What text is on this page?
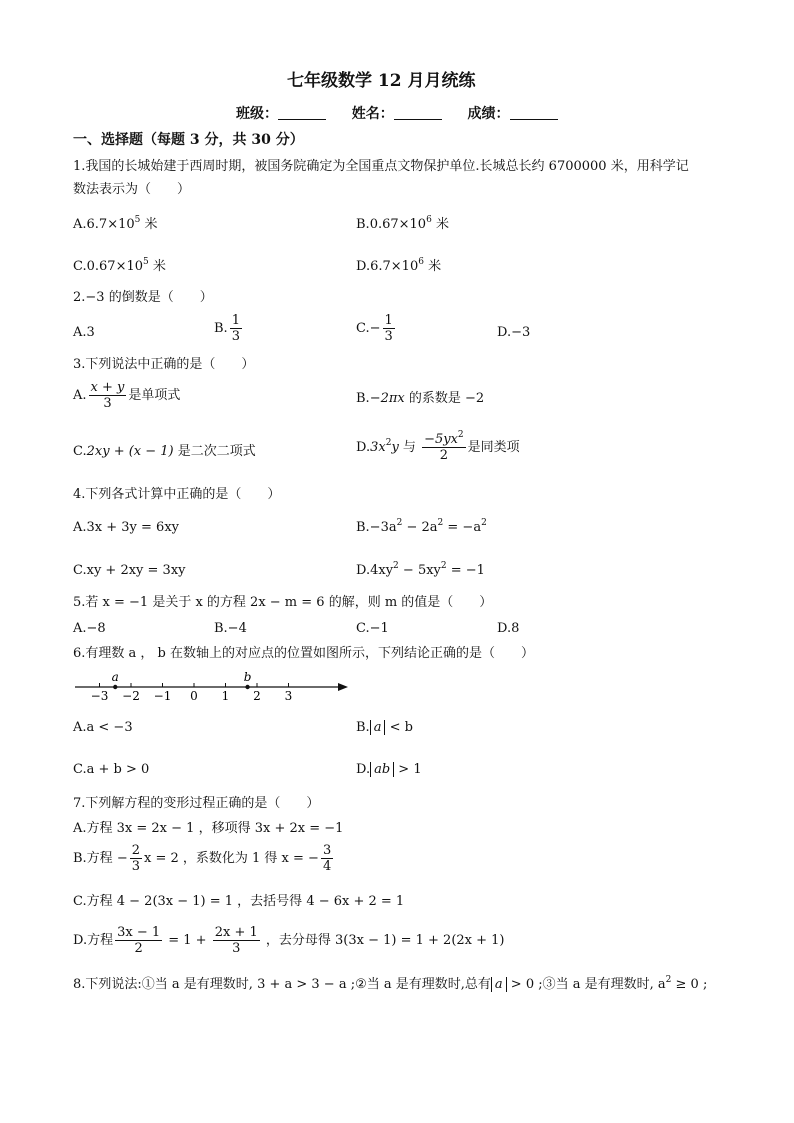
七年级数学 12 月月统练
班级：	姓名：	成绩：
一、选择题（每题 3 分，共 30 分）
1.我国的长城始建于西周时期，被国务院确定为全国重点文物保护单位.长城总长约 6700000 米，用科学记
数法表示为（　　）
$A.6.7\times 10^5$ 米	$B.0.67\times 10^6$ 米
$C.0.67\times 10^5$ 米	$D.6.7\times 10^6$ 米
2.−3 的倒数是（　　）
A.3	B. $\frac{1}{3}$	$C.- \frac{1}{3}$	D.−3
3.下列说法中正确的是（　　）
A. $\frac{x + y}{3}$ 是单项式	B.−2πx 的系数是 −2
C.2xy + (x − 1) 是二次二项式	$D.3x^2y$ 与 $\frac{-5yx^2}{2}$ 是同类项
4.下列各式计算中正确的是（　　）
A.3x + 3y = 6xy	$B.-3a^2 - 2a^2 = -a^2$
C.xy + 2xy = 3xy	$D.4xy^2 - 5xy^2 = -1$
5.若 x = −1 是关于 x 的方程 2x − m = 6 的解，则 m 的值是（　　）
A.−8	B.−4	C.−1	D.8
6.有理数 a ， b 在数轴上的对应点的位置如图所示，下列结论正确的是（　　）
−3 −2 −1 0 1 2 3
a	b
A.a < −3	B. a < b
C.a + b > 0	D. ab > 1
7.下列解方程的变形过程正确的是（　　）
A.方程 3x = 2x − 1 ，移项得 3x + 2x = −1
B.方程 − $\frac{2}{3}$ x = 2 ，系数化为 1 得 x = − $\frac{3}{4}$
C.方程 4 − 2(3x − 1) = 1 ，去括号得 4 − 6x + 2 = 1
D.方程 $\frac{3x - 1}{2} = 1 + \frac{2x + 1}{3}$ ，去分母得 3(3x − 1) = 1 + 2(2x + 1)
8.下列说法:①当 a 是有理数时, 3 + a > 3 − a ;②当 a 是有理数时,总有 a > 0 ;③当 a 是有理数时, $a^2 \ge 0$ ;
